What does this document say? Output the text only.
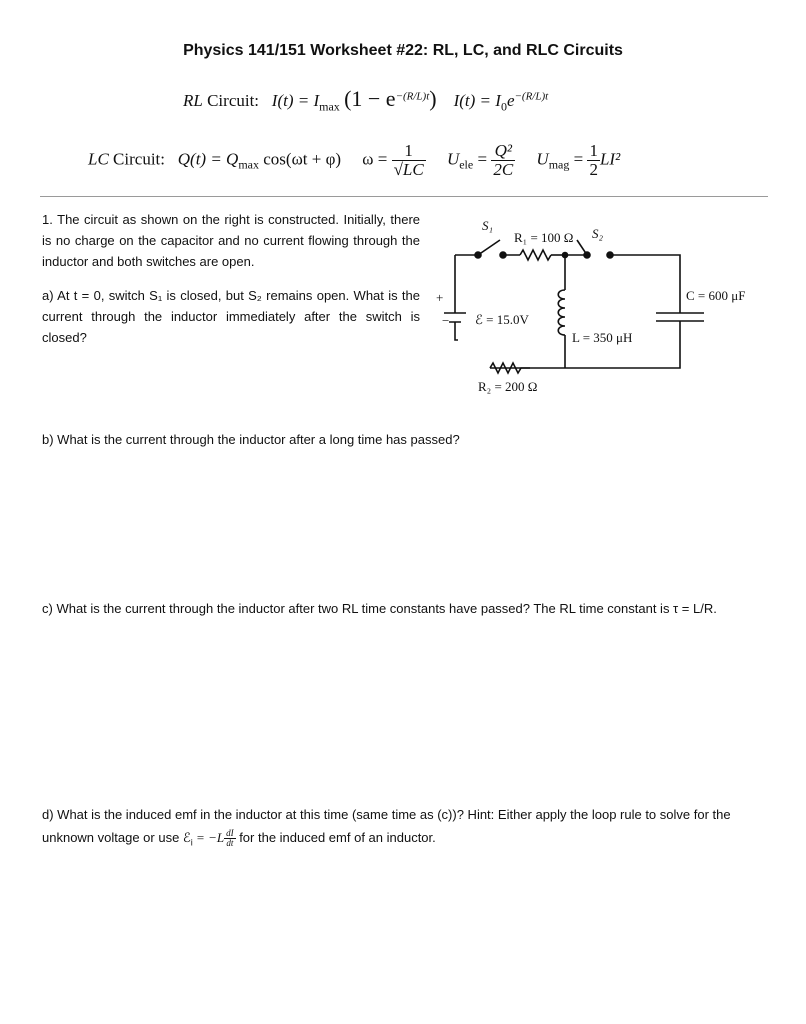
Physics 141/151 Worksheet #22: RL, LC, and RLC Circuits
RL Circuit: $I(t) = I_{max}$ $(1 - e^{-(R/L)t})$ $I(t) = I_0e^{-(R/L)t}$
LC Circuit: $Q(t) = Q_{max}$ cos(ωt + φ) $\omega = \frac{1}{√LC} U_{ele} = \frac{\text{Q²}}{2C} U_{mag} = \frac{1}{2} LI^2$
1. The circuit as shown on the right is constructed. Initially, there is no charge on the capacitor and no current flowing through the inductor and both switches are open.
a) At t = 0, switch S₁ is closed, but S₂ remains open. What is the current through the inductor immediately after the switch is closed?
b) What is the current through the inductor after a long time has passed?
c) What is the current through the inductor after two RL time constants have passed? The RL time constant is τ = L/R.
d) What is the induced emf in the inductor at this time (same time as (c))? Hint: Either apply the loop rule to solve for the
unknown voltage or use ℰ$_i$ = $-L \frac{dI}{dt}$ for the induced emf of an inductor.
+
−
S₁
S₂
R₁ = 100 Ω
ℰ = 15.0V
L = 350 μH
C = 600 μF
R₂ = 200 Ω
